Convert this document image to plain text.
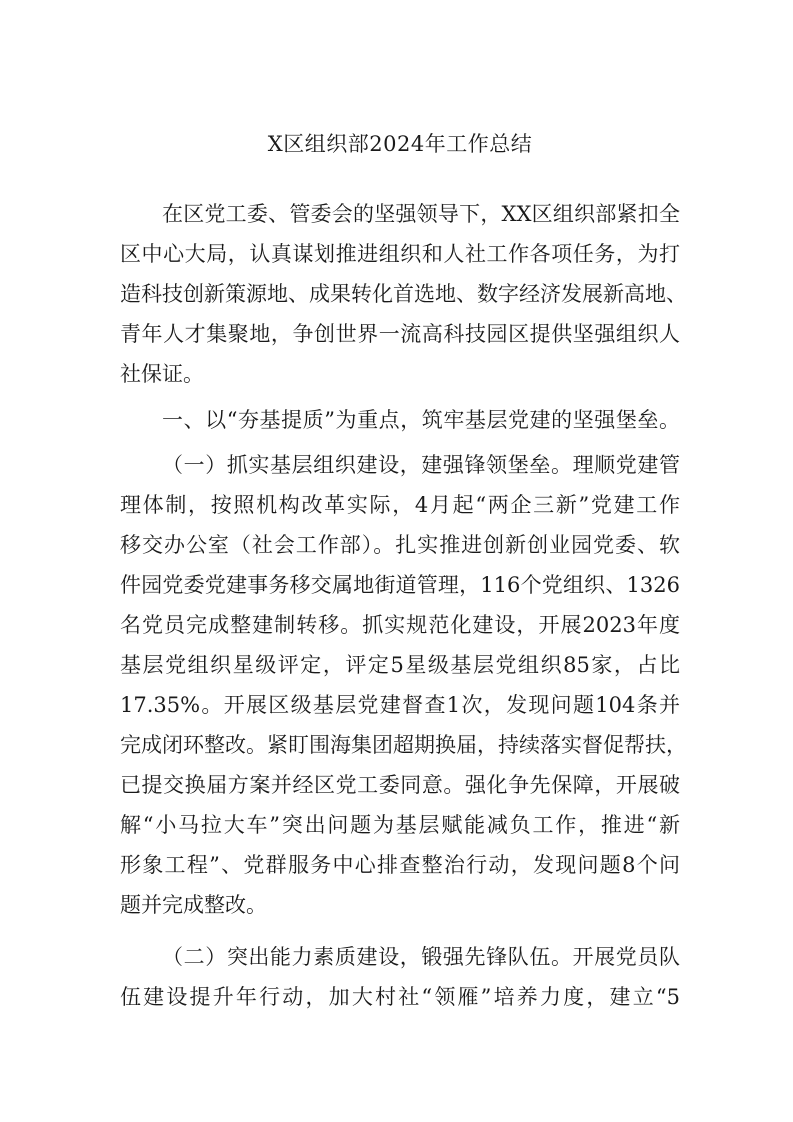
X区组织部2024年工作总结
在区党工委、管委会的坚强领导下，XX区组织部紧扣全
区中心大局，认真谋划推进组织和人社工作各项任务，为打
造科技创新策源地、成果转化首选地、数字经济发展新高地、
青年人才集聚地，争创世界一流高科技园区提供坚强组织人
社保证。
一、以“夯基提质”为重点，筑牢基层党建的坚强堡垒。
（一）抓实基层组织建设，建强锋领堡垒。理顺党建管
理体制，按照机构改革实际，4月起“两企三新”党建工作
移交办公室（社会工作部）。扎实推进创新创业园党委、软
件园党委党建事务移交属地街道管理，116个党组织、1326
名党员完成整建制转移。抓实规范化建设，开展2023年度
基层党组织星级评定，评定5星级基层党组织85家，占比
17.35%。开展区级基层党建督查1次，发现问题104条并
完成闭环整改。紧盯围海集团超期换届，持续落实督促帮扶，
已提交换届方案并经区党工委同意。强化争先保障，开展破
解“小马拉大车”突出问题为基层赋能减负工作，推进“新
形象工程”、党群服务中心排查整治行动，发现问题8个问
题并完成整改。
（二）突出能力素质建设，锻强先锋队伍。开展党员队
伍建设提升年行动，加大村社“领雁”培养力度，建立“5
